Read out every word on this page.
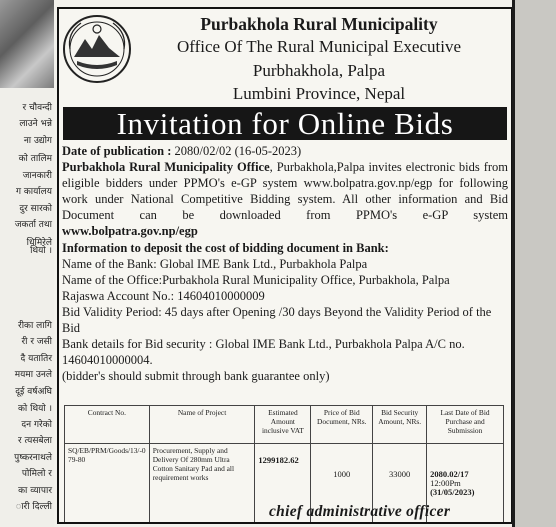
र चौवन्दी
लाउने भन्ने
ना उद्योग
को तालिम
जानकारी
ग कार्यालय
दुर सारको
जकर्ता तथा
धिमिरेले
थियो ।
रीका लागि
री र जसी
दै यतातिर
मयमा उनले
दूई वर्षअघि
को थियो ।
दन गरेको
र त्यसबेला
पुष्करनाथले
पोमिलो र
का व्यापार
ारी दिल्ली
Purbakhola Rural Municipality
Office Of The Rural Municipal Executive
Purbhakhola, Palpa
Lumbini Province, Nepal
Invitation for Online Bids

Date of publication : 2080/02/02 (16-05-2023)

Purbakhola Rural Municipality Office, Purbakhola,Palpa invites electronic bids from eligible bidders under PPMO's e-GP system www.bolpatra.gov.np/egp for following work under National Competitive Bidding system. All other information and Bid Document can be downloaded from PPMO's e-GP system

www.bolpatra.gov.np/egp

Information to deposit the cost of bidding document in Bank:

Name of the Bank: Global IME Bank Ltd., Purbakhola Palpa

Name of the Office:Purbakhola Rural Municipality Office, Purbakhola, Palpa

Rajaswa Account No.: 14604010000009

Bid Validity Period: 45 days after Opening /30 days Beyond the Validity Period of the Bid

Bank details for Bid security : Global IME Bank Ltd., Purbakhola Palpa A/C no. 14604010000004.

(bidder's should submit through bank guarantee only)

Contract No.	Name of Project	Estimated Amount inclusive VAT	Price of Bid Document, NRs.	Bid Security Amount, NRs.	Last Date of Bid Purchase and Submission
SQ/EB/PRM/Goods/13/-079-80	Procurement, Supply and Delivery Of 280mm Ultra Cotton Sanitary Pad and all requirement works	1299182.62	1000	33000	2080.02/17
12:00Pm
(31/05/2023)
chief administrative officer
